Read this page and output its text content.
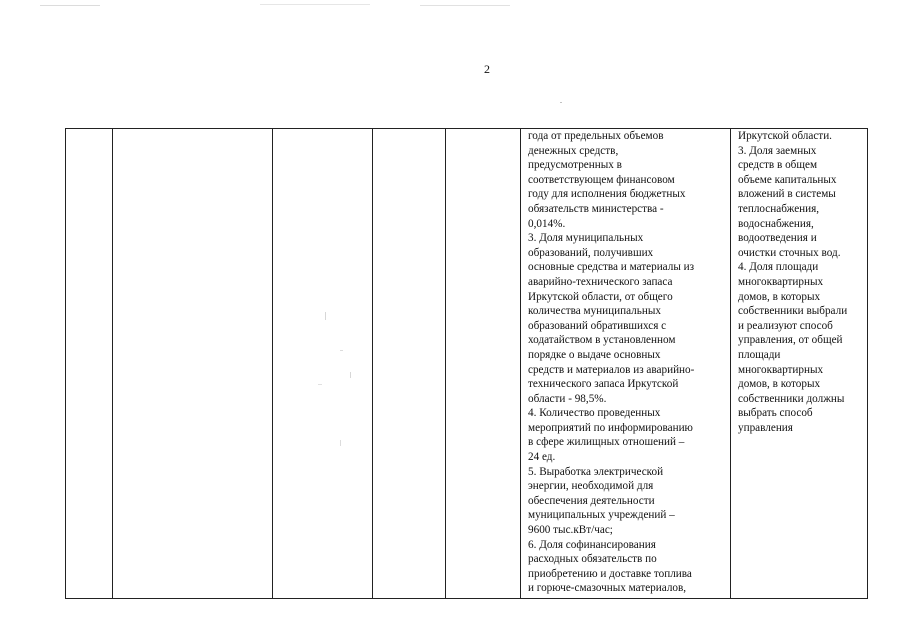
2

года от предельных объемов
денежных средств,
предусмотренных в
соответствующем финансовом
году для исполнения бюджетных
обязательств министерства -
0,014%.
3. Доля муниципальных
образований, получивших
основные средства и материалы из
аварийно-технического запаса
Иркутской области, от общего
количества муниципальных
образований обратившихся с
ходатайством в установленном
порядке о выдаче основных
средств и материалов из аварийно-
технического запаса Иркутской
области - 98,5%.
4. Количество проведенных
мероприятий по информированию
в сфере жилищных отношений –
24 ед.
5. Выработка электрической
энергии, необходимой для
обеспечения деятельности
муниципальных учреждений –
9600 тыс.кВт/час;
6. Доля софинансирования
расходных обязательств по
приобретению и доставке топлива
и горюче-смазочных материалов,

Иркутской области.
3. Доля заемных
средств в общем
объеме капитальных
вложений в системы
теплоснабжения,
водоснабжения,
водоотведения и
очистки сточных вод.
4. Доля площади
многоквартирных
домов, в которых
собственники выбрали
и реализуют способ
управления, от общей
площади
многоквартирных
домов, в которых
собственники должны
выбрать способ
управления
